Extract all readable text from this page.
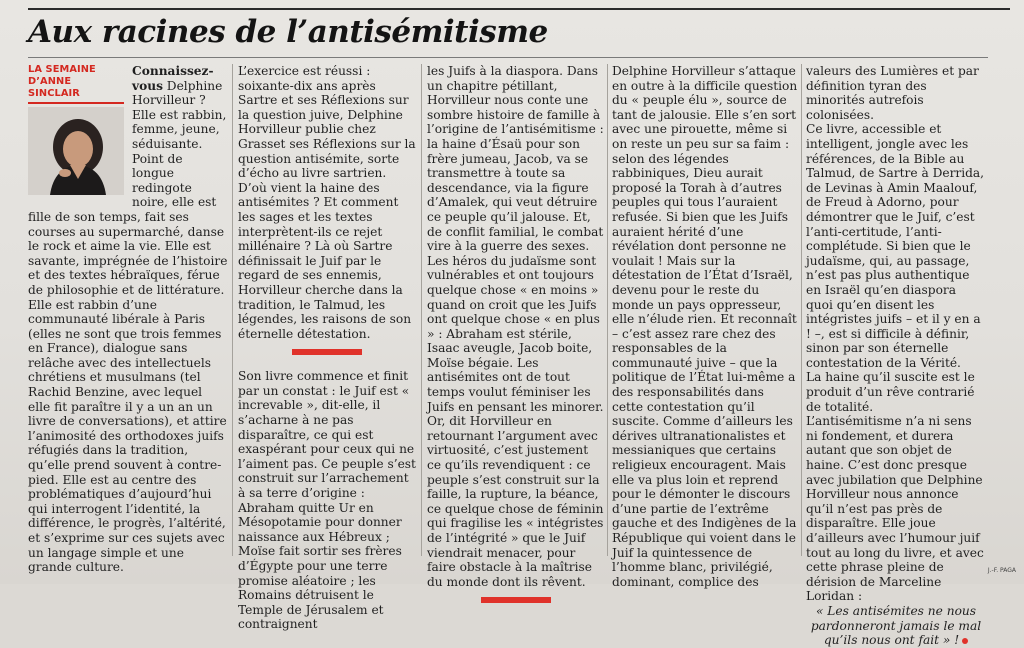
Aux racines de l’antisémitisme
LA SEMAINE
D’ANNE SINCLAIR

Connaissez-vous Delphine Horvilleur ? Elle est rabbin, femme, jeune, séduisante. Point de longue redingote noire, elle est fille de son temps, fait ses courses au supermarché, danse le rock et aime la vie. Elle est savante, imprégnée de l’histoire et des textes hébraïques, férue de philosophie et de littérature. Elle est rabbin d’une communauté libérale à Paris (elles ne sont que trois femmes en France), dialogue sans relâche avec des intellectuels chrétiens et musulmans (tel Rachid Benzine, avec lequel elle fit paraître il y a un an un livre de conversations), et attire l’animosité des orthodoxes juifs réfugiés dans la tradition, qu’elle prend souvent à contre-pied. Elle est au centre des problématiques d’aujourd’hui qui interrogent l’identité, la différence, le progrès, l’altérité, et s’exprime sur ces sujets avec un langage simple et une grande culture.

L’exercice est réussi : soixante-dix ans après Sartre et ses Réflexions sur la question juive, Delphine Horvilleur publie chez Grasset ses Réflexions sur la question antisémite, sorte d’écho au livre sartrien. D’où vient la haine des antisémites ? Et comment les sages et les textes interprètent-ils ce rejet millénaire ? Là où Sartre définissait le Juif par le regard de ses ennemis, Horvilleur cherche dans la tradition, le Talmud, les légendes, les raisons de son éternelle détestation.

Son livre commence et finit par un constat : le Juif est « increvable », dit-elle, il s’acharne à ne pas disparaître, ce qui est exaspérant pour ceux qui ne l’aiment pas. Ce peuple s’est construit sur l’arrachement à sa terre d’origine : Abraham quitte Ur en Mésopotamie pour donner naissance aux Hébreux ; Moïse fait sortir ses frères d’Égypte pour une terre promise aléatoire ; les Romains détruisent le Temple de Jérusalem et contraignent

les Juifs à la diaspora. Dans un chapitre pétillant, Horvilleur nous conte une sombre histoire de famille à l’origine de l’antisémitisme : la haine d’Ésaü pour son frère jumeau, Jacob, va se transmettre à toute sa descendance, via la figure d’Amalek, qui veut détruire ce peuple qu’il jalouse. Et, de conflit familial, le combat vire à la guerre des sexes. Les héros du judaïsme sont vulnérables et ont toujours quelque chose « en moins » quand on croit que les Juifs ont quelque chose « en plus » : Abraham est stérile, Isaac aveugle, Jacob boite, Moïse bégaie. Les antisémites ont de tout temps voulut féminiser les Juifs en pensant les minorer. Or, dit Horvilleur en retournant l’argument avec virtuosité, c’est justement ce qu’ils revendiquent : ce peuple s’est construit sur la faille, la rupture, la béance, ce quelque chose de féminin qui fragilise les « intégristes de l’intégrité » que le Juif viendrait menacer, pour faire obstacle à la maîtrise du monde dont ils rêvent.

Delphine Horvilleur s’attaque en outre à la difficile question du « peuple élu », source de tant de jalousie. Elle s’en sort avec une pirouette, même si on reste un peu sur sa faim : selon des légendes rabbiniques, Dieu aurait proposé la Torah à d’autres peuples qui tous l’auraient refusée. Si bien que les Juifs auraient hérité d’une révélation dont personne ne voulait ! Mais sur la détestation de l’État d’Israël, devenu pour le reste du monde un pays oppresseur, elle n’élude rien. Et reconnaît – c’est assez rare chez des responsables de la communauté juive – que la politique de l’État lui-même a des responsabilités dans cette contestation qu’il suscite. Comme d’ailleurs les dérives ultranationalistes et messianiques que certains religieux encouragent. Mais elle va plus loin et reprend pour le démonter le discours d’une partie de l’extrême gauche et des Indigènes de la République qui voient dans le Juif la quintessence de l’homme blanc, privilégié, dominant, complice des

valeurs des Lumières et par définition tyran des minorités autrefois colonisées.

Ce livre, accessible et intelligent, jongle avec les références, de la Bible au Talmud, de Sartre à Derrida, de Levinas à Amin Maalouf, de Freud à Adorno, pour démontrer que le Juif, c’est l’anti-certitude, l’anti-complétude. Si bien que le judaïsme, qui, au passage, n’est pas plus authentique en Israël qu’en diaspora quoi qu’en disent les intégristes juifs – et il y en a ! –, est si difficile à définir, sinon par son éternelle contestation de la Vérité.

La haine qu’il suscite est le produit d’un rêve contrarié de totalité.

L’antisémitisme n’a ni sens ni fondement, et durera autant que son objet de haine. C’est donc presque avec jubilation que Delphine Horvilleur nous annonce qu’il n’est pas près de disparaître. Elle joue d’ailleurs avec l’humour juif tout au long du livre, et avec cette phrase pleine de dérision de Marceline Loridan :

« Les antisémites ne nous pardonneront jamais le mal qu’ils nous ont fait » !

J.-F. PAGA
